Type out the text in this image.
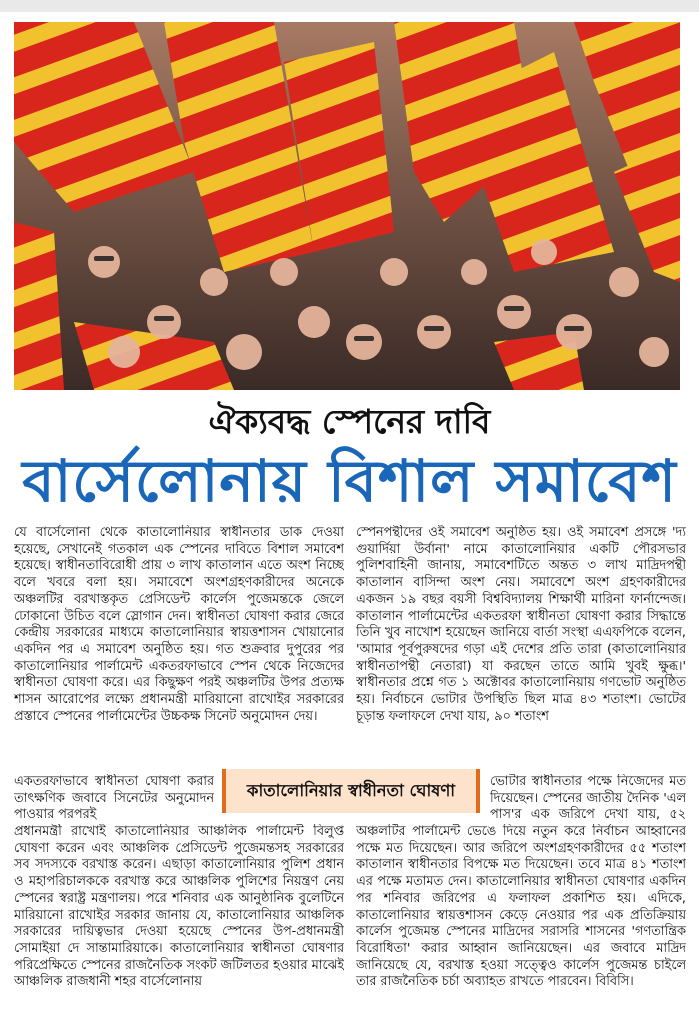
ঐক্যবদ্ধ স্পেনের দাবি
বার্সেলোনায় বিশাল সমাবেশ

যে বার্সেলোনা থেকে কাতালোনিয়ার স্বাধীনতার ডাক দেওয়া হয়েছে, সেখানেই গতকাল এক স্পেনের দাবিতে বিশাল সমাবেশ হয়েছে। স্বাধীনতাবিরোধী প্রায় ৩ লাখ কাতালান এতে অংশ নিচ্ছে বলে খবরে বলা হয়। সমাবেশে অংশগ্রহণকারীদের অনেকে অঞ্চলটির বরখাস্তকৃত প্রেসিডেন্ট কার্লেস পুজেমন্তকে জেলে ঢোকানো উচিত বলে স্লোগান দেন। স্বাধীনতা ঘোষণা করার জেরে কেন্দ্রীয় সরকারের মাধ্যমে কাতালোনিয়ার স্বায়ত্তশাসন খোয়ানোর একদিন পর এ সমাবেশ অনুষ্ঠিত হয়। গত শুক্রবার দুপুরের পর কাতালোনিয়ার পার্লামেন্ট একতরফাভাবে স্পেন থেকে নিজেদের স্বাধীনতা ঘোষণা করে। এর কিছুক্ষণ পরই অঞ্চলটির উপর প্রত্যক্ষ শাসন আরোপের লক্ষ্যে প্রধানমন্ত্রী মারিয়ানো রাখোইর সরকারের প্রস্তাবে স্পেনের পার্লামেন্টের উচ্চকক্ষ সিনেট অনুমোদন দেয়।

একতরফাভাবে স্বাধীনতা ঘোষণা করার তাৎক্ষণিক জবাবে সিনেটের অনুমোদন পাওয়ার পরপরই

প্রধানমন্ত্রী রাখোই কাতালোনিয়ার আঞ্চলিক পার্লামেন্ট বিলুপ্ত ঘোষণা করেন এবং আঞ্চলিক প্রেসিডেন্ট পুজেমন্তসহ সরকারের সব সদস্যকে বরখাস্ত করেন। এছাড়া কাতালোনিয়ার পুলিশ প্রধান ও মহাপরিচালককে বরখাস্ত করে আঞ্চলিক পুলিশের নিয়ন্ত্রণ নেয় স্পেনের স্বরাষ্ট্র মন্ত্রণালয়। পরে শনিবার এক আনুষ্ঠানিক বুলেটিনে মারিয়ানো রাখোইর সরকার জানায় যে, কাতালোনিয়ার আঞ্চলিক সরকারের দায়িত্বভার দেওয়া হয়েছে স্পেনের উপ-প্রধানমন্ত্রী সোমাইয়া দে সান্তামারিয়াকে। কাতালোনিয়ার স্বাধীনতা ঘোষণার পরিপ্রেক্ষিতে স্পেনের রাজনৈতিক সংকট জটিলতর হওয়ার মাঝেই আঞ্চলিক রাজধানী শহর বার্সেলোনায়

স্পেনপন্থীদের ওই সমাবেশ অনুষ্ঠিত হয়। ওই সমাবেশ প্রসঙ্গে 'দ্য গুয়ার্দিয়া উর্বানা' নামে কাতালোনিয়ার একটি পৌরসভার পুলিশবাহিনী জানায়, সমাবেশটিতে অন্তত ৩ লাখ মাদ্রিদপন্থী কাতালান বাসিন্দা অংশ নেয়। সমাবেশে অংশ গ্রহণকারীদের একজন ১৯ বছর বয়সী বিশ্ববিদ্যালয় শিক্ষার্থী মারিনা ফার্নান্দেজ। কাতালান পার্লামেন্টের একতরফা স্বাধীনতা ঘোষণা করার সিদ্ধান্তে তিনি খুব নাখোশ হয়েছেন জানিয়ে বার্তা সংস্থা এএফপিকে বলেন, 'আমার পূর্বপুরুষদের গড়া এই দেশের প্রতি তারা (কাতালোনিয়ার স্বাধীনতাপন্থী নেতারা) যা করছেন তাতে আমি খুবই ক্ষুব্ধ।' স্বাধীনতার প্রশ্নে গত ১ অক্টোবর কাতালোনিয়ায় গণভোট অনুষ্ঠিত হয়। নির্বাচনে ভোটার উপস্থিতি ছিল মাত্র ৪৩ শতাংশ। ভোটের চূড়ান্ত ফলাফলে দেখা যায়, ৯০ শতাংশ

ভোটার স্বাধীনতার পক্ষে নিজেদের মত দিয়েছেন। স্পেনের জাতীয় দৈনিক 'এল পাস'র এক জরিপে দেখা যায়, ৫২

অঞ্চলটির পার্লামেন্ট ভেঙে দিয়ে নতুন করে নির্বাচন আহ্বানের পক্ষে মত দিয়েছেন। আর জরিপে অংশগ্রহণকারীদের ৫৫ শতাংশ কাতালান স্বাধীনতার বিপক্ষে মত দিয়েছেন। তবে মাত্র ৪১ শতাংশ এর পক্ষে মতামত দেন। কাতালোনিয়ার স্বাধীনতা ঘোষণার একদিন পর শনিবার জরিপের এ ফলাফল প্রকাশিত হয়। এদিকে, কাতালোনিয়ার স্বায়ত্তশাসন কেড়ে নেওয়ার পর এক প্রতিক্রিয়ায় কার্লেস পুজেমন্ত স্পেনের মাদ্রিদের সরাসরি শাসনের 'গণতান্ত্রিক বিরোধিতা' করার আহ্বান জানিয়েছেন। এর জবাবে মাদ্রিদ জানিয়েছে যে, বরখাস্ত হওয়া সত্ত্বেও কার্লেস পুজেমন্ত চাইলে তার রাজনৈতিক চর্চা অব্যাহত রাখতে পারবেন। বিবিসি।

কাতালোনিয়ার স্বাধীনতা ঘোষণা
